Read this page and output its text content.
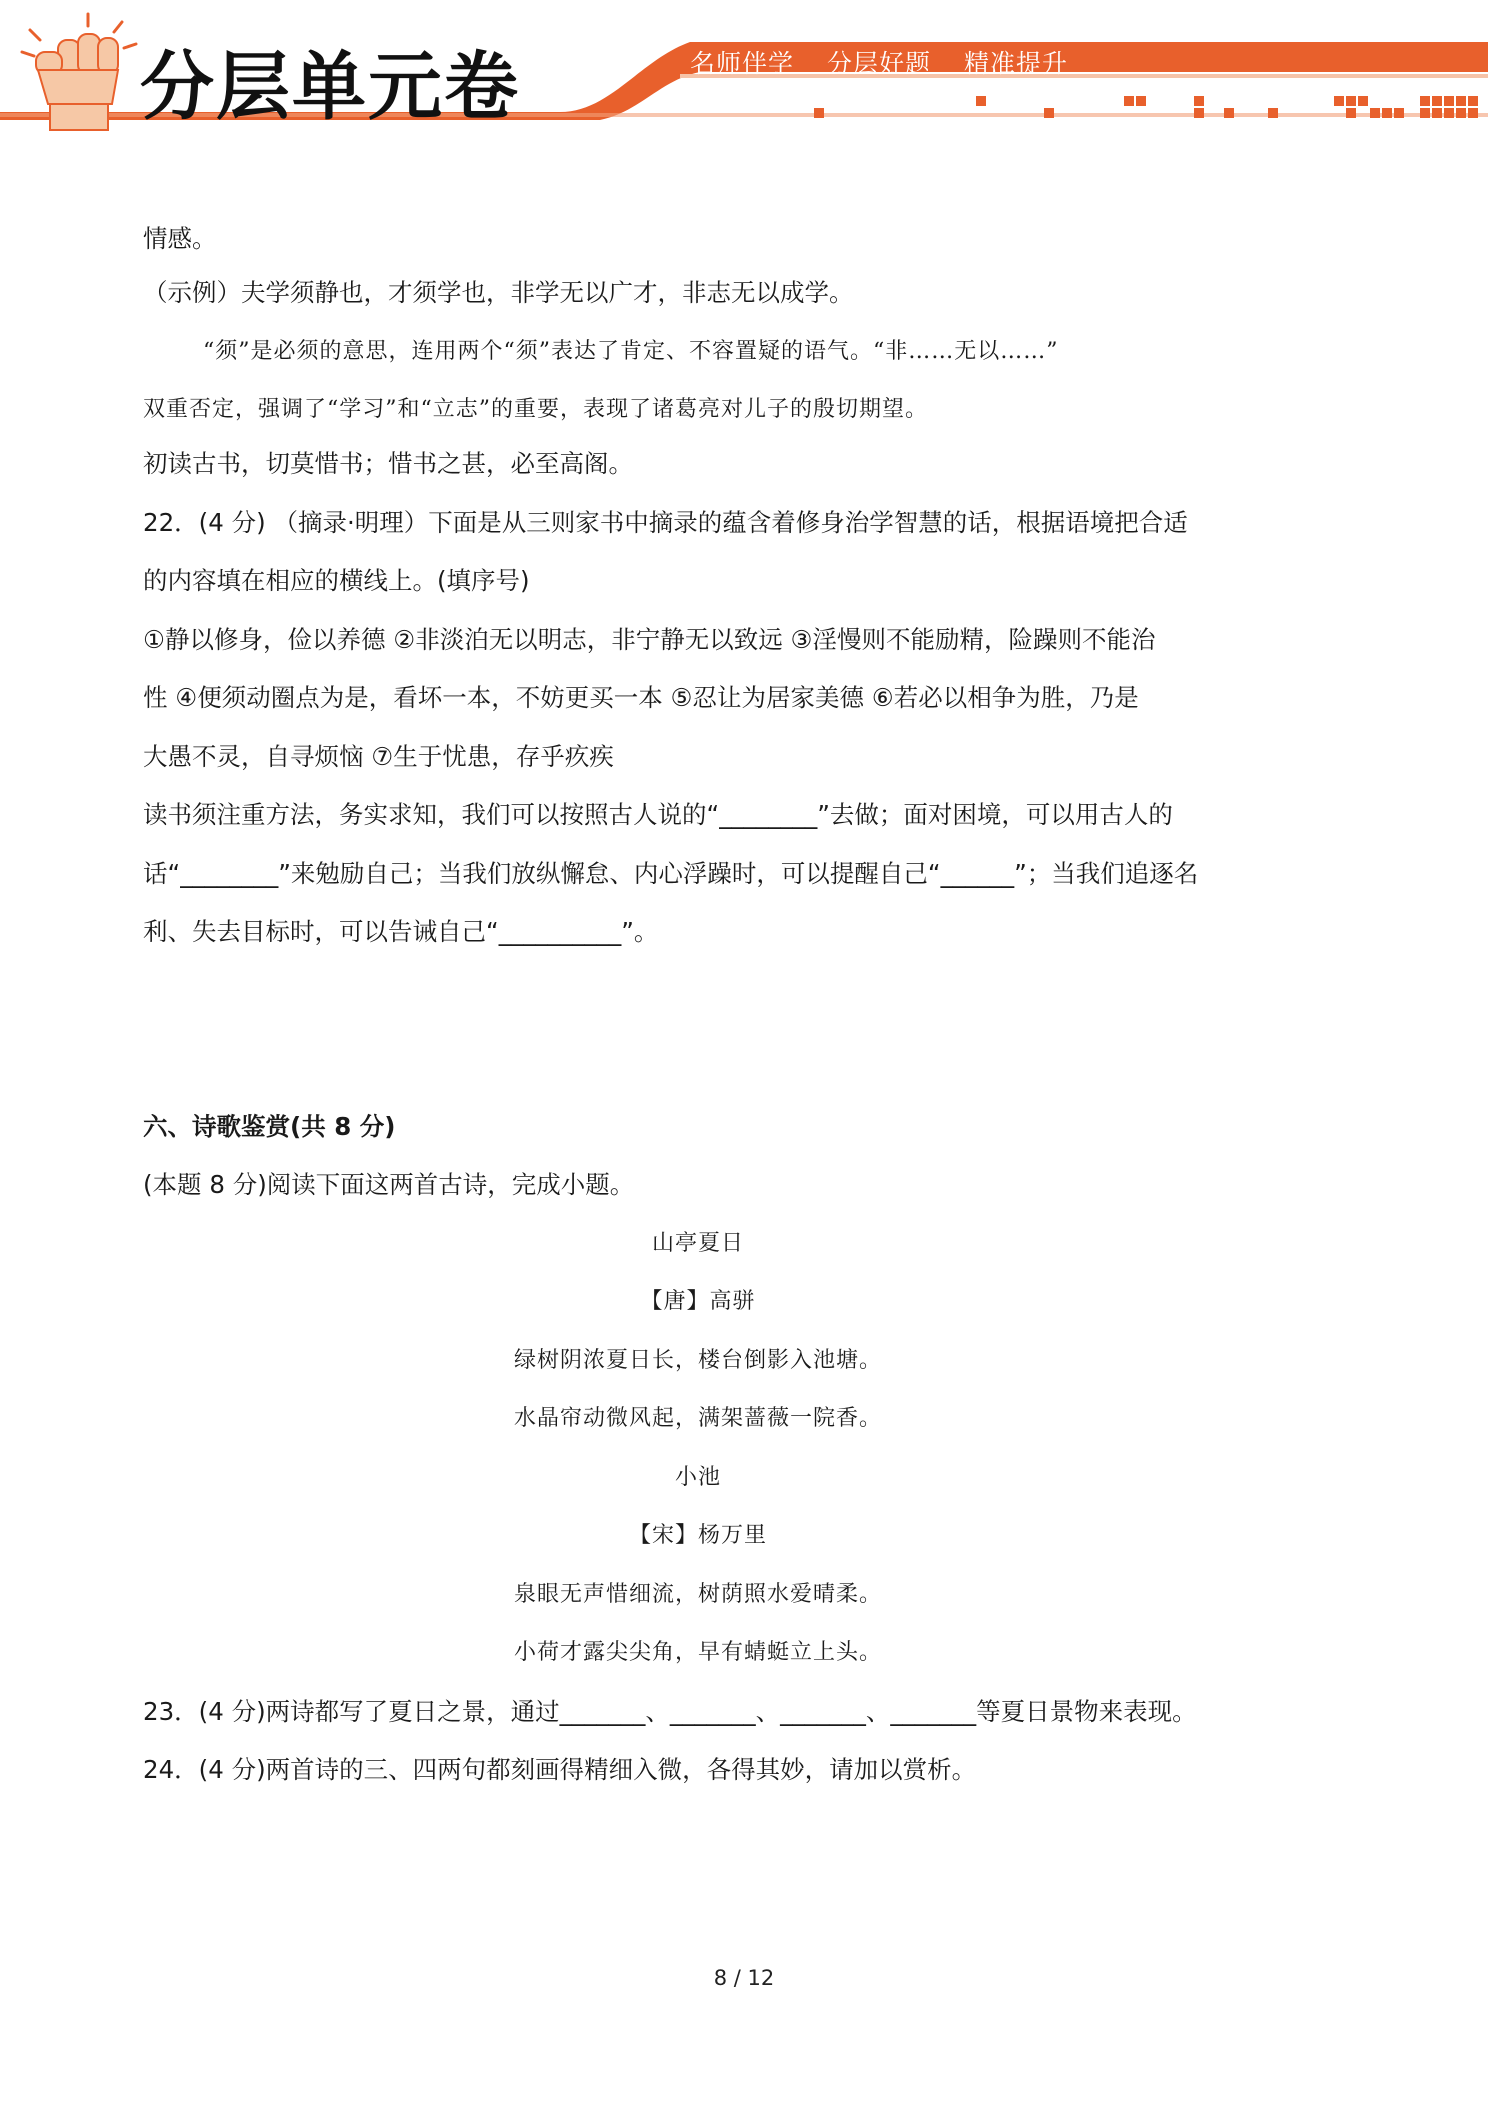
分层单元卷	名师伴学 分层好题 精准提升
情感。
（示例）夫学须静也，才须学也，非学无以广才，非志无以成学。
“须”是必须的意思，连用两个“须”表达了肯定、不容置疑的语气。“非……无以……”
双重否定，强调了“学习”和“立志”的重要，表现了诸葛亮对儿子的殷切期望。
初读古书，切莫惜书；惜书之甚，必至高阁。
22．(4 分) （摘录·明理）下面是从三则家书中摘录的蕴含着修身治学智慧的话，根据语境把合适
的内容填在相应的横线上。(填序号)
①静以修身，俭以养德 ②非淡泊无以明志，非宁静无以致远 ③淫慢则不能励精，险躁则不能治
性 ④便须动圈点为是，看坏一本，不妨更买一本 ⑤忍让为居家美德 ⑥若必以相争为胜，乃是
大愚不灵，自寻烦恼 ⑦生于忧患，存乎疚疾
读书须注重方法，务实求知，我们可以按照古人说的“________”去做；面对困境，可以用古人的
话“________”来勉励自己；当我们放纵懈怠、内心浮躁时，可以提醒自己“______”；当我们追逐名
利、失去目标时，可以告诫自己“__________”。
六、诗歌鉴赏(共 8 分)
(本题 8 分)阅读下面这两首古诗，完成小题。
山亭夏日
【唐】高骈
绿树阴浓夏日长，楼台倒影入池塘。
水晶帘动微风起，满架蔷薇一院香。
小池
【宋】杨万里
泉眼无声惜细流，树荫照水爱晴柔。
小荷才露尖尖角，早有蜻蜓立上头。
23．(4 分)两诗都写了夏日之景，通过_______、_______、_______、_______等夏日景物来表现。
24．(4 分)两首诗的三、四两句都刻画得精细入微，各得其妙，请加以赏析。
8 / 12
